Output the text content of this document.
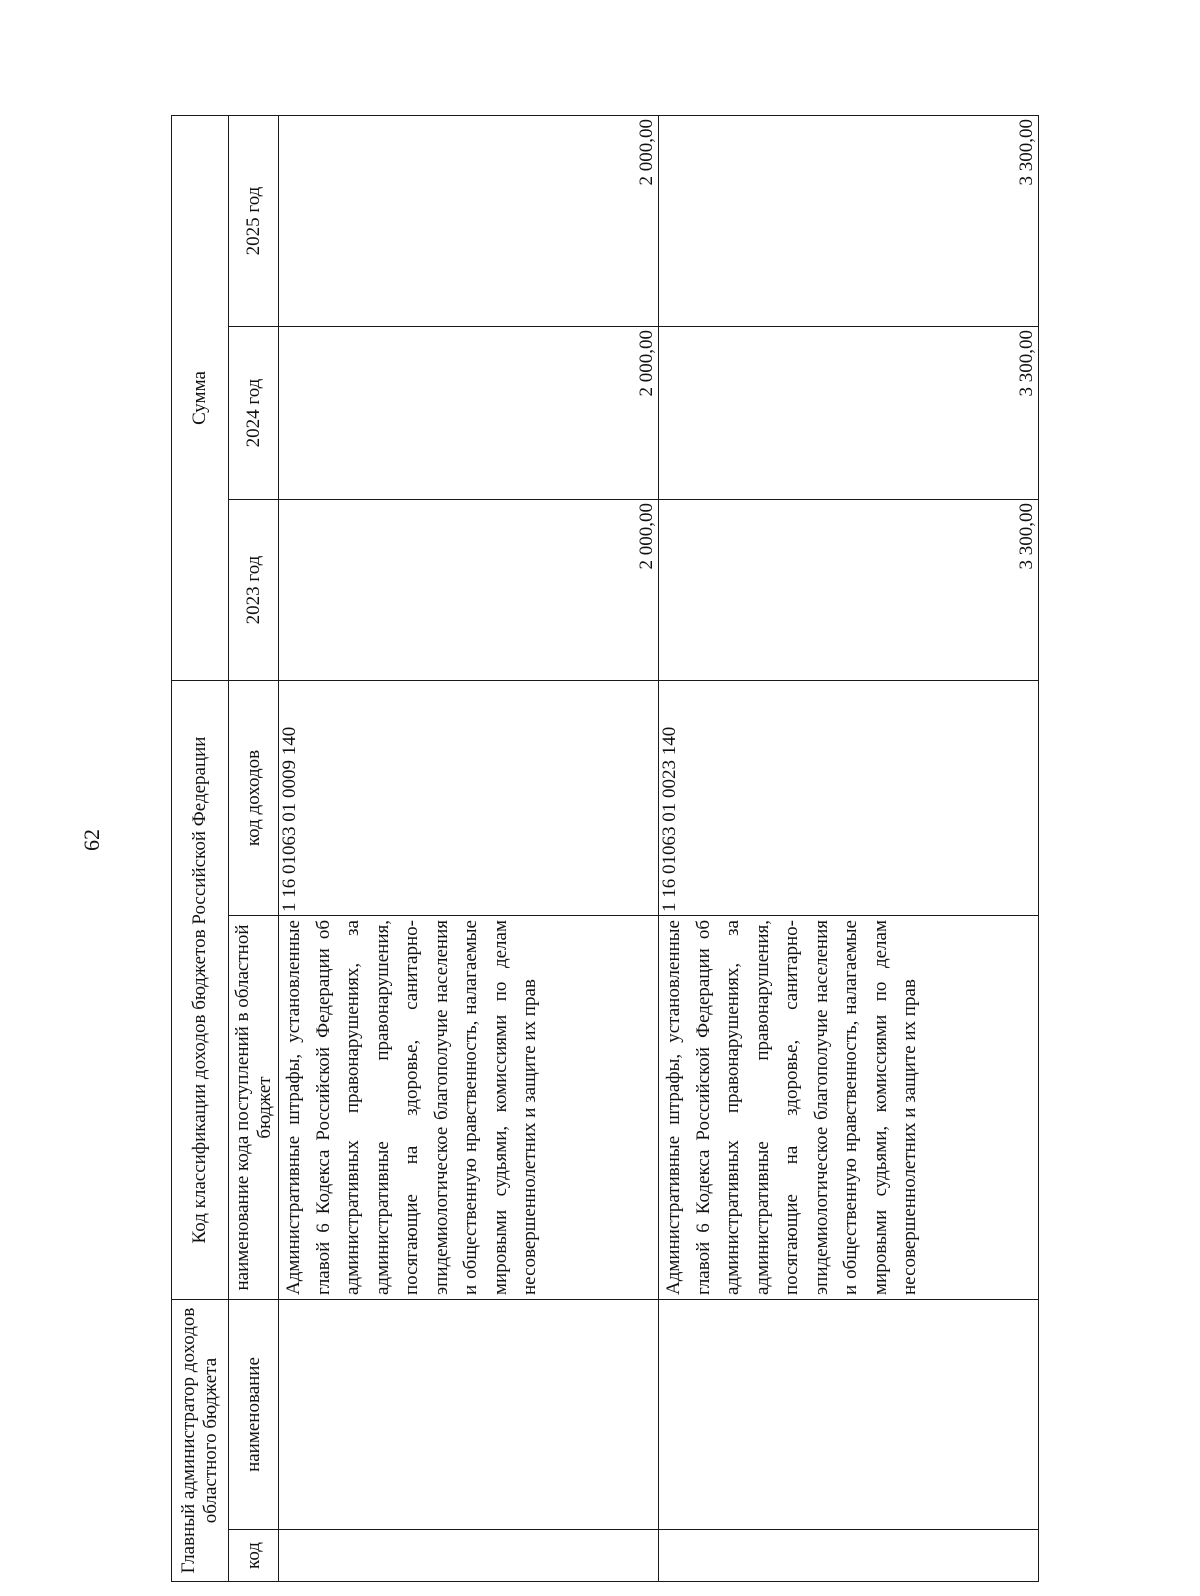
62
Главный администратор доходов областного бюджета		Код классификации доходов бюджетов Российской Федерации		Сумма		
код	наименование	наименование кода поступлений в областной бюджет	код доходов	2023 год	2024 год	2025 год
		Административные штрафы, установленные главой 6 Кодекса Российской Федерации об административных правонарушениях, за административные правонарушения, посягающие на здоровье, санитарно-эпидемиологическое благополучие населения и общественную нравственность, налагаемые мировыми судьями, комиссиями по делам несовершеннолетних и защите их прав	1 16 01063 01 0009 140	2 000,00	2 000,00	2 000,00
		Административные штрафы, установленные главой 6 Кодекса Российской Федерации об административных правонарушениях, за административные правонарушения, посягающие на здоровье, санитарно-эпидемиологическое благополучие населения и общественную нравственность, налагаемые мировыми судьями, комиссиями по делам несовершеннолетних и защите их прав	1 16 01063 01 0023 140	3 300,00	3 300,00	3 300,00
